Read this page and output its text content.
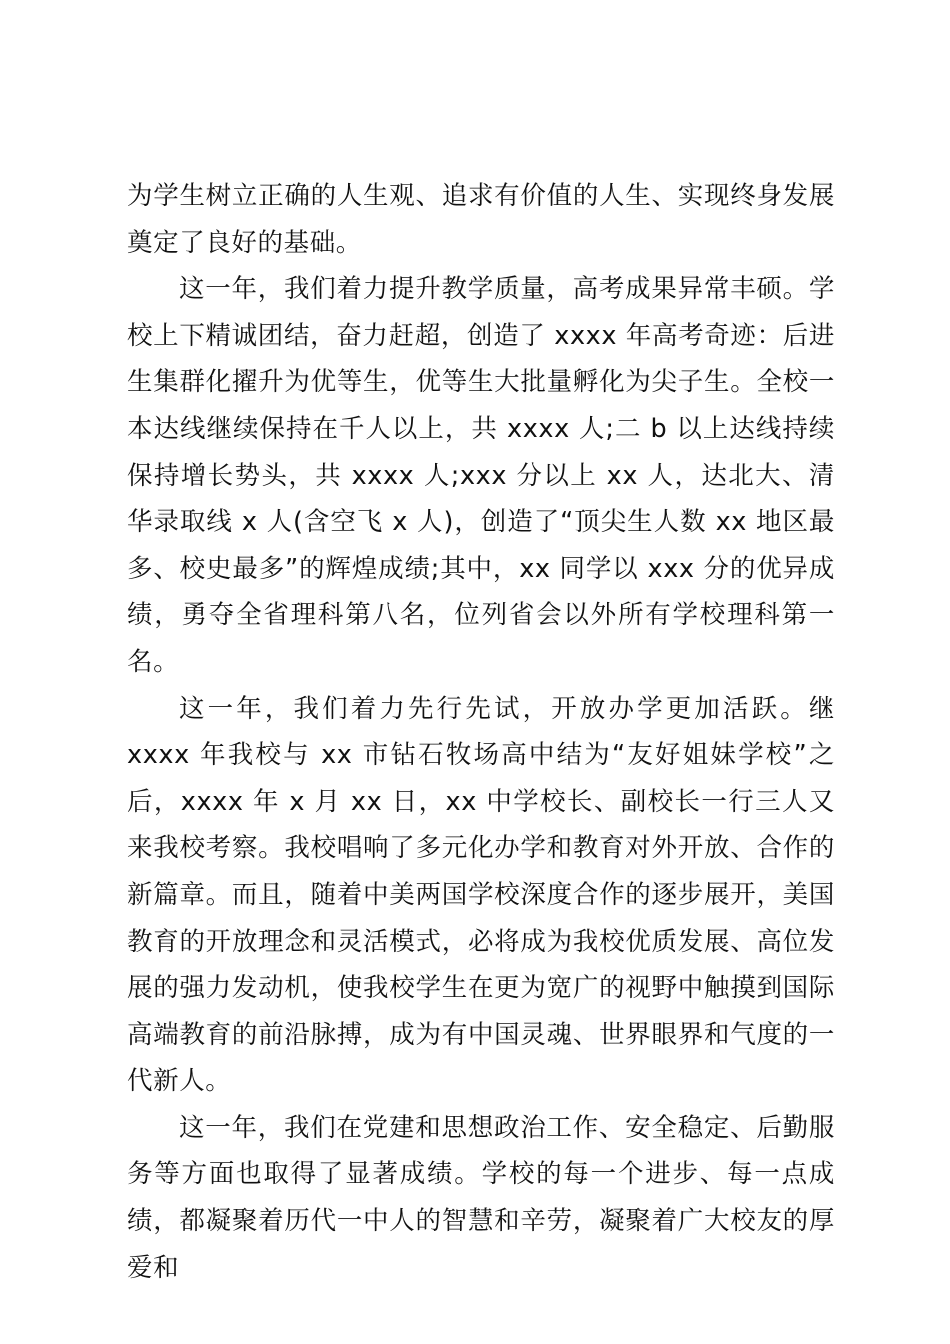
为学生树立正确的人生观、追求有价值的人生、实现终身发展奠定了良好的基础。

这一年，我们着力提升教学质量，高考成果异常丰硕。学校上下精诚团结，奋力赶超，创造了 xxxx 年高考奇迹：后进生集群化擢升为优等生，优等生大批量孵化为尖子生。全校一本达线继续保持在千人以上，共 xxxx 人;二 b 以上达线持续保持增长势头，共 xxxx 人;xxx 分以上 xx 人，达北大、清华录取线 x 人(含空飞 x 人)，创造了“顶尖生人数 xx 地区最多、校史最多”的辉煌成绩;其中，xx 同学以 xxx 分的优异成绩，勇夺全省理科第八名，位列省会以外所有学校理科第一名。

这一年，我们着力先行先试，开放办学更加活跃。继 xxxx 年我校与 xx 市钻石牧场高中结为“友好姐妹学校”之后，xxxx 年 x 月 xx 日，xx 中学校长、副校长一行三人又来我校考察。我校唱响了多元化办学和教育对外开放、合作的新篇章。而且，随着中美两国学校深度合作的逐步展开，美国教育的开放理念和灵活模式，必将成为我校优质发展、高位发展的强力发动机，使我校学生在更为宽广的视野中触摸到国际高端教育的前沿脉搏，成为有中国灵魂、世界眼界和气度的一代新人。

这一年，我们在党建和思想政治工作、安全稳定、后勤服务等方面也取得了显著成绩。学校的每一个进步、每一点成绩，都凝聚着历代一中人的智慧和辛劳，凝聚着广大校友的厚爱和
